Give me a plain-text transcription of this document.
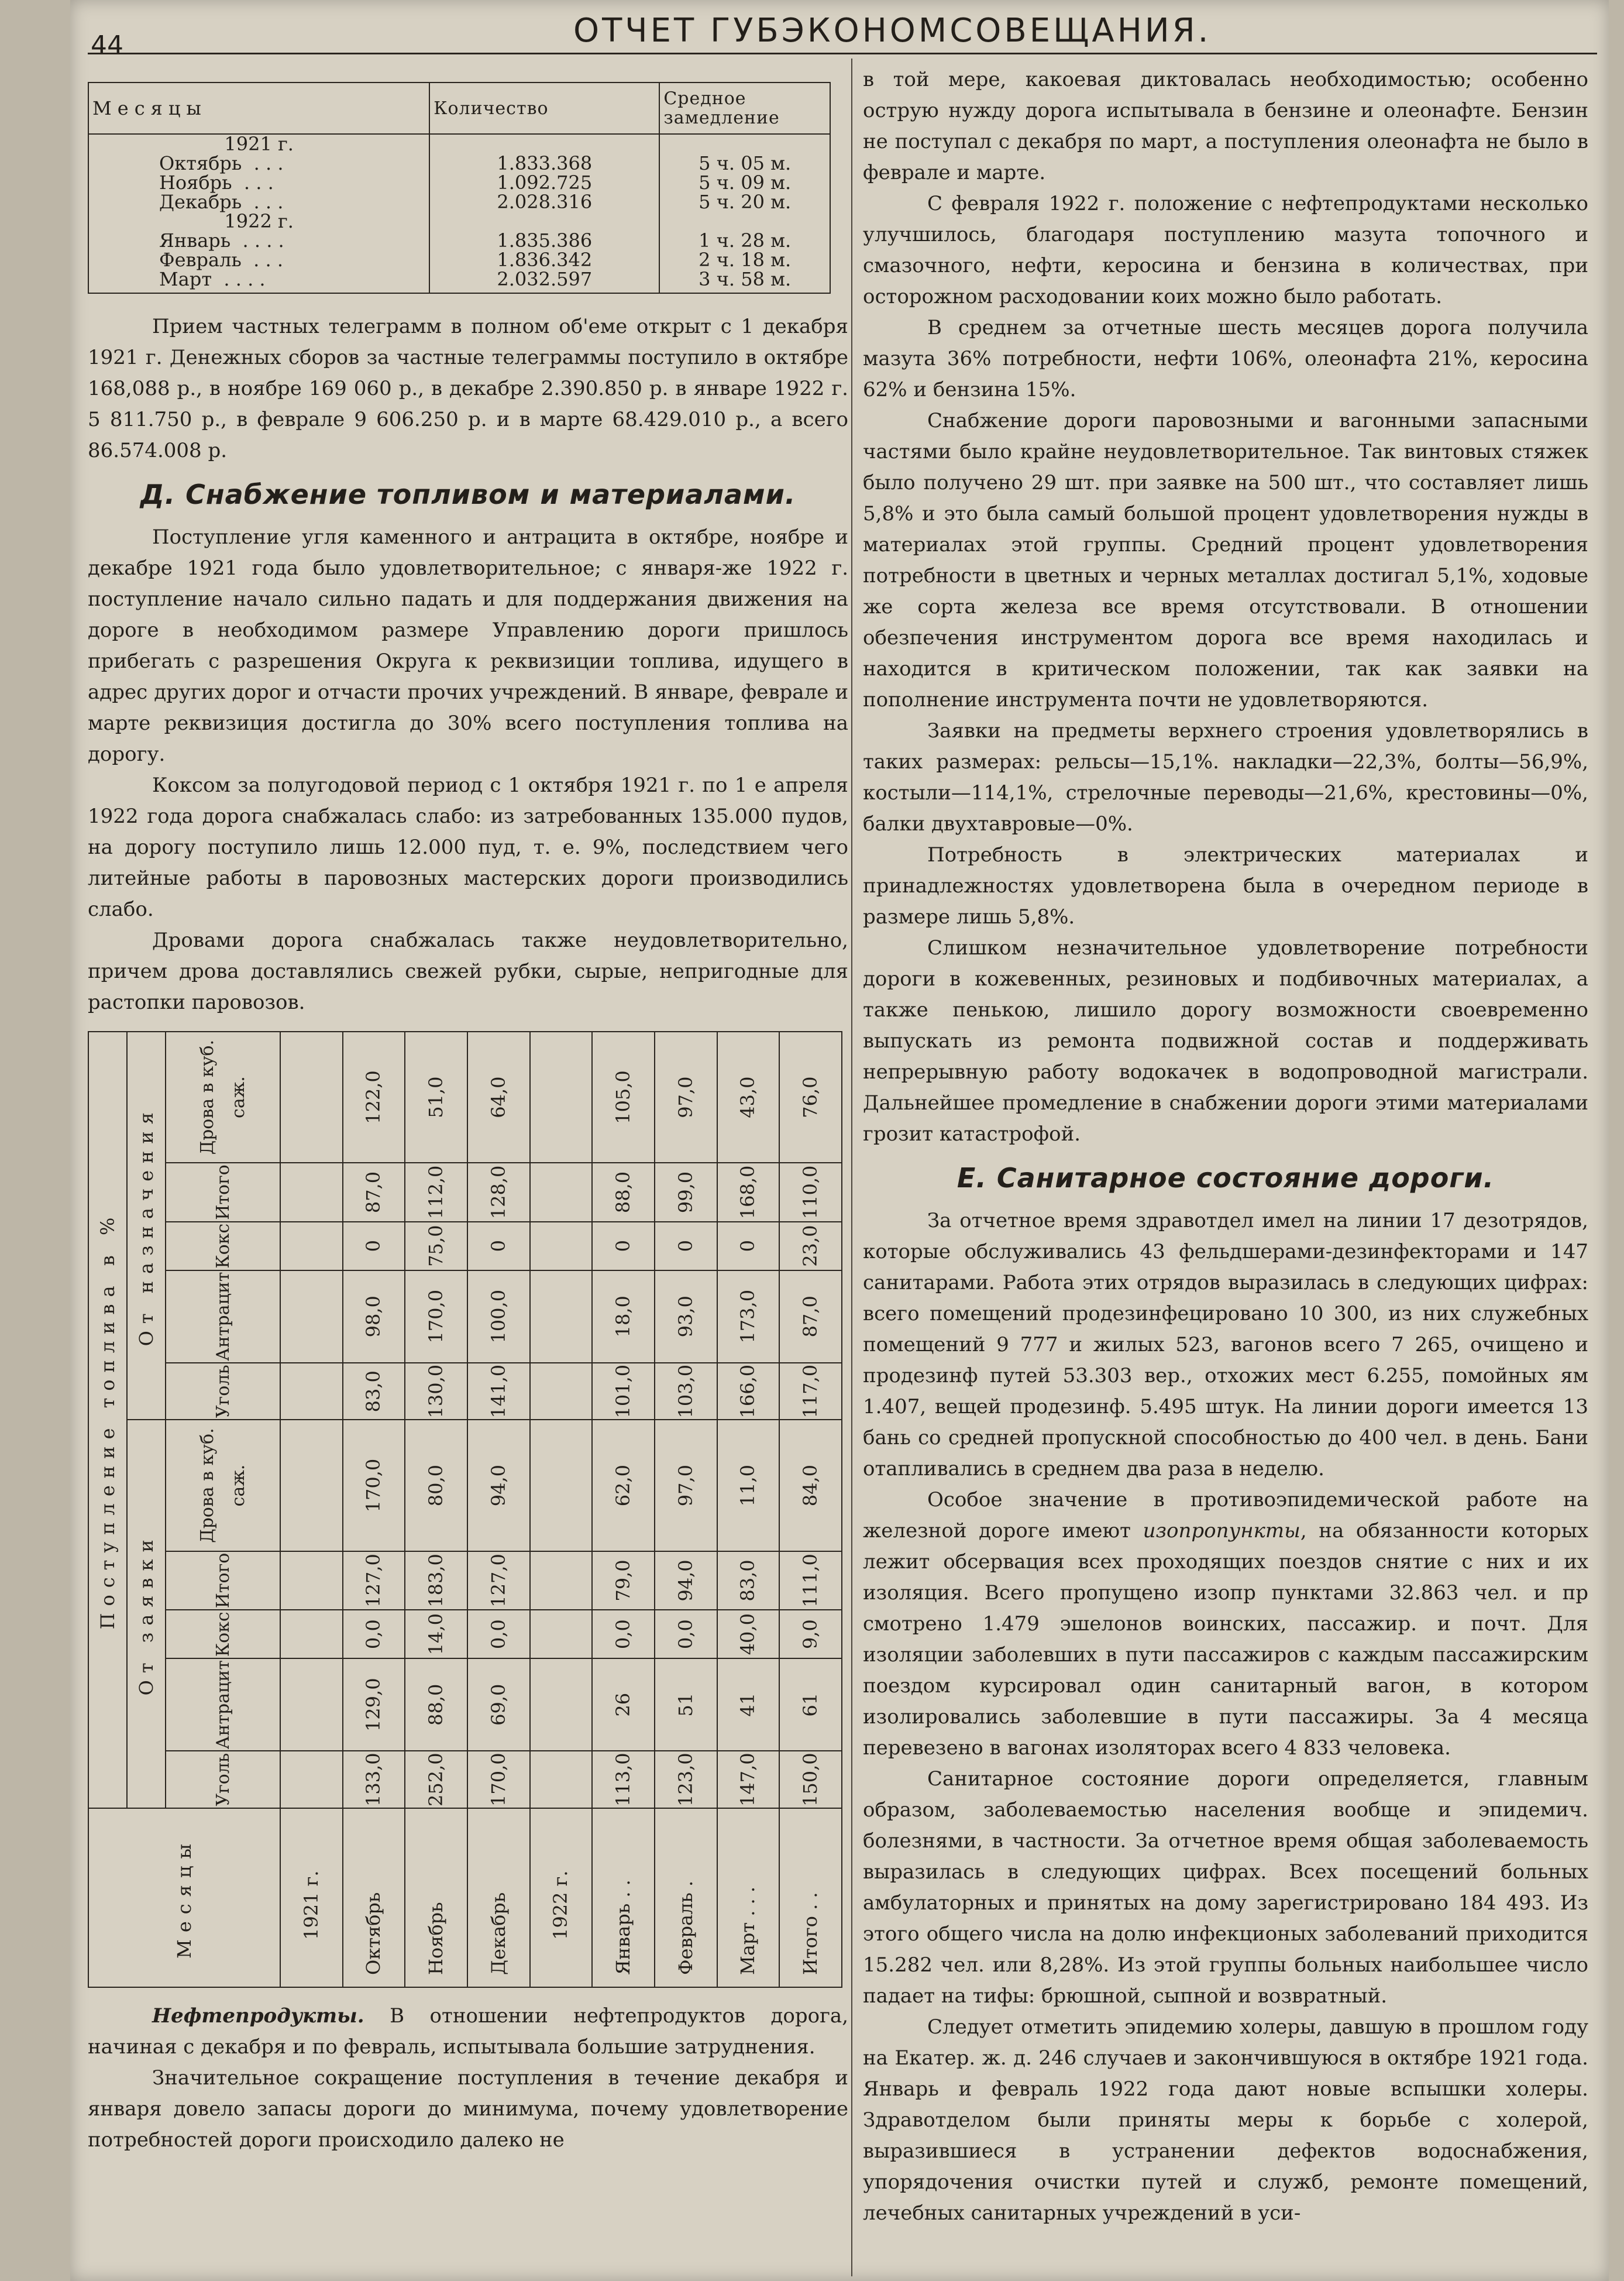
44	ОТЧЕТ ГУБЭКОНОМСОВЕЩАНИЯ.
Месяцы	Количество	Средное замедление
1921 г.		
Октябрь  . . .	1.833.368	5 ч. 05 м.
Ноябрь  . . .	1.092.725	5 ч. 09 м.
Декабрь  . . .	2.028.316	5 ч. 20 м.
1922 г.		
Январь  . . . .	1.835.386	1 ч. 28 м.
Февраль  . . .	1.836.342	2 ч. 18 м.
Март  . . . .	2.032.597	3 ч. 58 м.

Прием частных телеграмм в полном об'еме открыт с 1 декабря 1921 г. Денежных сборов за частные телеграммы поступило в октябре 168,088 р., в ноябре 169 060 р., в декабре 2.390.850 р. в январе 1922 г. 5 811.750 р., в феврале 9 606.250 р. и в марте 68.429.010 р., а всего 86.574.008 р.

Д. Снабжение топливом и материалами.

Поступление угля каменного и антрацита в октябре, ноябре и декабре 1921 года было удовлетворительное; с января-же 1922 г. поступление начало сильно падать и для поддержания движения на дороге в необходимом размере Управлению дороги пришлось прибегать с разрешения Округа к реквизиции топлива, идущего в адрес других дорог и отчасти прочих учреждений. В январе, феврале и марте реквизиция достигла до 30% всего поступления топлива на дорогу.

Коксом за полугодовой период с 1 октября 1921 г. по 1 е апреля 1922 года дорога снабжалась слабо: из затребованных 135.000 пудов, на дорогу поступило лишь 12.000 пуд, т. е. 9%, последствием чего литейные работы в паровозных мастерских дороги производились слабо.

Дровами дорога снабжалась также неудовлетворительно, причем дрова доставлялись свежей рубки, сырые, непригодные для растопки паровозов.

Месяцы	Поступление топлива в %									
	От заявки					От назначения				
	Уголь	Антрацит	Кокс	Итого	Дрова в куб. саж.	Уголь	Антрацит	Кокс	Итого	Дрова в куб. саж.
1921 г.										
Октябрь	133,0	129,0	0,0	127,0	170,0	83,0	98,0	0	87,0	122,0
Ноябрь	252,0	88,0	14,0	183,0	80,0	130,0	170,0	75,0	112,0	51,0
Декабрь	170,0	69,0	0,0	127,0	94,0	141,0	100,0	0	128,0	64,0
1922 г.										
Январь . .	113,0	26	0,0	79,0	62,0	101,0	18,0	0	88,0	105,0
Февраль .	123,0	51	0,0	94,0	97,0	103,0	93,0	0	99,0	97,0
Март . . .	147,0	41	40,0	83,0	11,0	166,0	173,0	0	168,0	43,0
Итого . .	150,0	61	9,0	111,0	84,0	117,0	87,0	23,0	110,0	76,0

Нефтепродукты. В отношении нефтепродуктов дорога, начиная с декабря и по февраль, испытывала большие затруднения.

Значительное сокращение поступления в течение декабря и января довело запасы дороги до минимума, почему удовлетворение потребностей дороги происходило далеко не

в той мере, какоевая диктовалась необходимостью; особенно острую нужду дорога испытывала в бензине и олеонафте. Бензин не поступал с декабря по март, а поступления олеонафта не было в феврале и марте.

С февраля 1922 г. положение с нефтепродуктами несколько улучшилось, благодаря поступлению мазута топочного и смазочного, нефти, керосина и бензина в количествах, при осторожном расходовании коих можно было работать.

В среднем за отчетные шесть месяцев дорога получила мазута 36% потребности, нефти 106%, олеонафта 21%, керосина 62% и бензина 15%.

Снабжение дороги паровозными и вагонными запасными частями было крайне неудовлетворительное. Так винтовых стяжек было получено 29 шт. при заявке на 500 шт., что составляет лишь 5,8% и это была самый большой процент удовлетворения нужды в материалах этой группы. Средний процент удовлетворения потребности в цветных и черных металлах достигал 5,1%, ходовые же сорта железа все время отсутствовали. В отношении обезпечения инструментом дорога все время находилась и находится в критическом положении, так как заявки на пополнение инструмента почти не удовлетворяются.

Заявки на предметы верхнего строения удовлетворялись в таких размерах: рельсы—15,1%. накладки—22,3%, болты—56,9%, костыли—114,1%, стрелочные переводы—21,6%, крестовины—0%, балки двухтавровые—0%.

Потребность в электрических материалах и принадлежностях удовлетворена была в очередном периоде в размере лишь 5,8%.

Слишком незначительное удовлетворение потребности дороги в кожевенных, резиновых и подбивочных материалах, а также пенькою, лишило дорогу возможности своевременно выпускать из ремонта подвижной состав и поддерживать непрерывную работу водокачек в водопроводной магистрали. Дальнейшее промедление в снабжении дороги этими материалами грозит катастрофой.

Е. Санитарное состояние дороги.

За отчетное время здравотдел имел на линии 17 дезотрядов, которые обслуживались 43 фельдшерами-дезинфекторами и 147 санитарами. Работа этих отрядов выразилась в следующих цифрах: всего помещений продезинфецировано 10 300, из них служебных помещений 9 777 и жилых 523, вагонов всего 7 265, очищено и продезинф путей 53.303 вер., отхожих мест 6.255, помойных ям 1.407, вещей продезинф. 5.495 штук. На линии дороги имеется 13 бань со средней пропускной способностью до 400 чел. в день. Бани отапливались в среднем два раза в неделю.

Особое значение в противоэпидемической работе на железной дороге имеют изопропункты, на обязанности которых лежит обсервация всех проходящих поездов снятие с них и их изоляция. Всего пропущено изопр пунктами 32.863 чел. и пр смотрено 1.479 эшелонов воинских, пассажир. и почт. Для изоляции заболевших в пути пассажиров с каждым пассажирским поездом курсировал один санитарный вагон, в котором изолировались заболевшие в пути пассажиры. За 4 месяца перевезено в вагонах изоляторах всего 4 833 человека.

Санитарное состояние дороги определяется, главным образом, заболеваемостью населения вообще и эпидемич. болезнями, в частности. За отчетное время общая заболеваемость выразилась в следующих цифрах. Всех посещений больных амбулаторных и принятых на дому зарегистрировано 184 493. Из этого общего числа на долю инфекционых заболеваний приходится 15.282 чел. или 8,28%. Из этой группы больных наибольшее число падает на тифы: брюшной, сыпной и возвратный.

Следует отметить эпидемию холеры, давшую в прошлом году на Екатер. ж. д. 246 случаев и закончившуюся в октябре 1921 года. Январь и февраль 1922 года дают новые вспышки холеры. Здравотделом были приняты меры к борьбе с холерой, выразившиеся в устранении дефектов водоснабжения, упорядочения очистки путей и служб, ремонте помещений, лечебных санитарных учреждений в уси-
